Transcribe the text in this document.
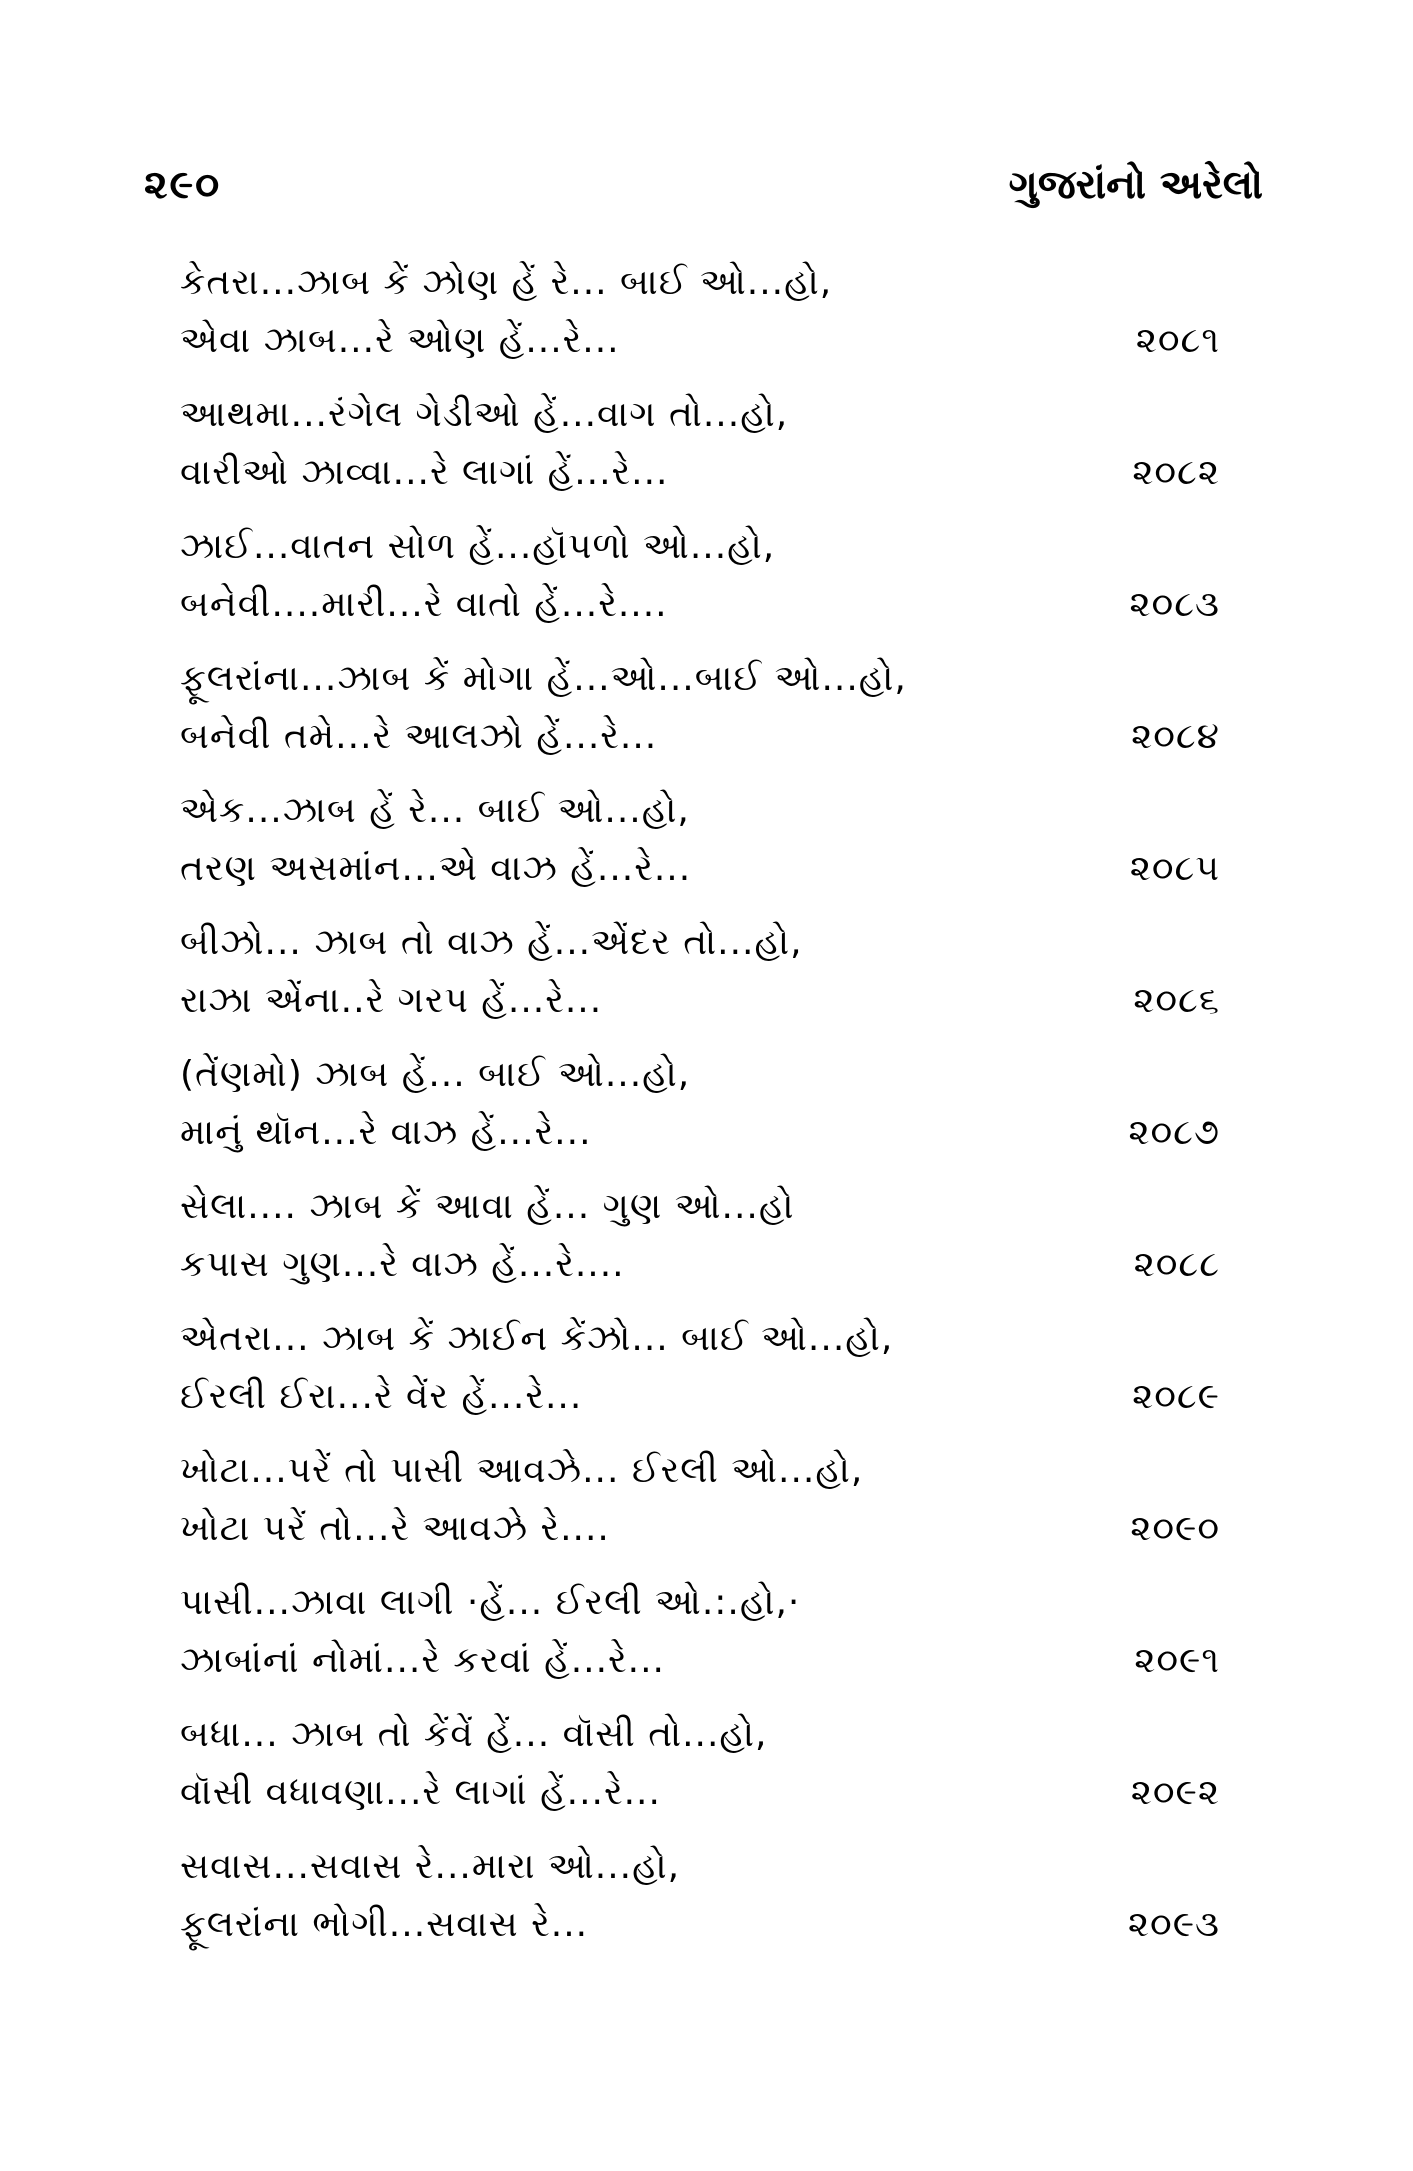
૨૯૦	ગુજરાંનો અરેલો
કેતરા...ઝાબ કેં ઝોણ હેં રે... બાઈ ઓ...હો,
એવા ઝાબ...રે ઓણ હેં...રે...	૨૦૮૧
આથમા...રંગેલ ગેડીઓ હેં...વાગ તો...હો,
વારીઓ ઝાવ્વા...રે લાગાં હેં...રે...	૨૦૮૨
ઝાઈ...વાતન સોળ હેં...હૉપળો ઓ...હો,
બનેવી....મારી...રે વાતો હેં...રે....	૨૦૮૩
ફૂલરાંના...ઝાબ કેં મોગા હેં...ઓ...બાઈ ઓ...હો,
બનેવી તમે...રે આલઝો હેં...રે...	૨૦૮૪
એક...ઝાબ હેં રે... બાઈ ઓ...હો,
તરણ અસમાંન...એ વાઝ હેં...રે...	૨૦૮૫
બીઝો... ઝાબ તો વાઝ હેં...એંદર તો...હો,
રાઝા એંના..રે ગરપ હેં...રે...	૨૦૮૬
(તેંણમો) ઝાબ હેં... બાઈ ઓ...હો,
માનું થૉન...રે વાઝ હેં...રે...	૨૦૮૭
સેલા.... ઝાબ કેં આવા હેં... ગુણ ઓ...હો
કપાસ ગુણ...રે વાઝ હેં...રે....	૨૦૮૮
એતરા... ઝાબ કેં ઝાઈન કેંઝો... બાઈ ઓ...હો,
ઈરલી ઈરા...રે વેંર હેં...રે...	૨૦૮૯
ખોટા...પરેં તો પાસી આવઝે... ઈરલી ઓ...હો,
ખોટા પરેં તો...રે આવઝે રે....	૨૦૯૦
પાસી...ઝાવા લાગી ·હેં... ઈરલી ઓ.:.હો,·
ઝાબાંનાં નોમાં...રે કરવાં હેં...રે...	૨૦૯૧
બધા... ઝાબ તો કેંવેં હેં... વૉસી તો...હો,
વૉસી વધાવણા...રે લાગાં હેં...રે...	૨૦૯૨
સવાસ...સવાસ રે...મારા ઓ...હો,
ફૂલરાંના ભોગી...સવાસ રે...	૨૦૯૩
